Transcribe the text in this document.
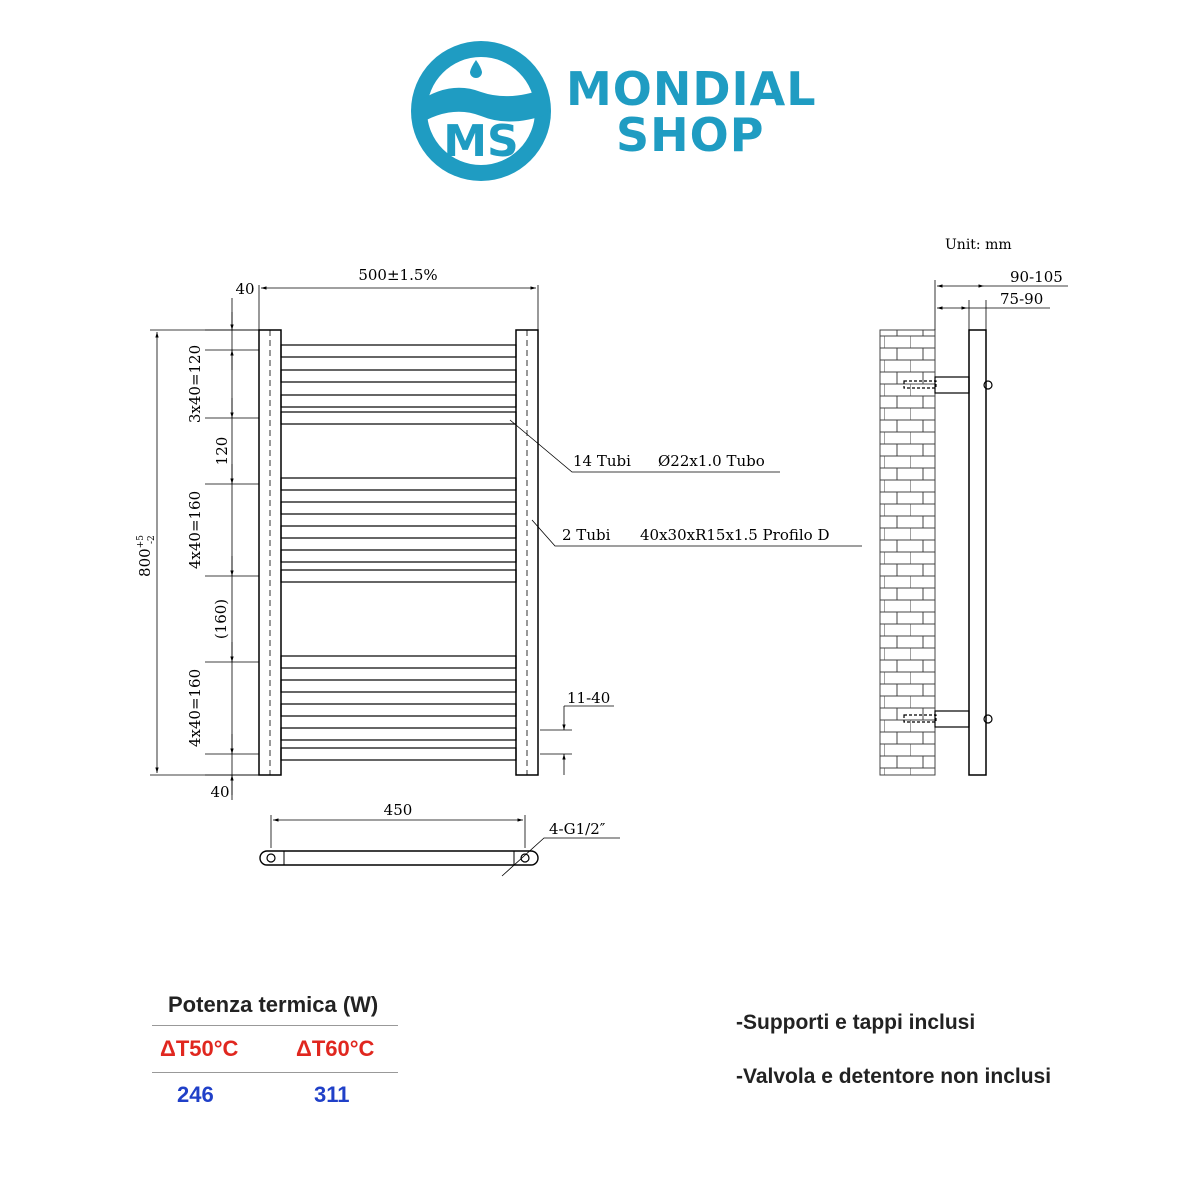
MS
MONDIAL
SHOP
Unit: mm
500±1.5%
40
40
3x40=120
120
4x40=160
(160)
4x40=160
$800^{+5}-2$
14 Tubi Ø22x1.0 Tubo
2 Tubi 40x30xR15x1.5 Profilo D
11-40
450
4-G1/2″
90-105
75-90
Potenza termica (W)
ΔT50°C	ΔT60°C
246	311
-Supporti e tappi inclusi
-Valvola e detentore non inclusi
